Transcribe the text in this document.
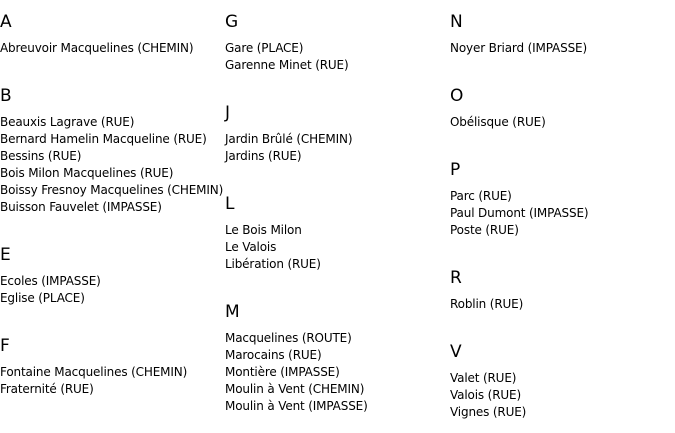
A
Abreuvoir Macquelines (CHEMIN)
B
Beauxis Lagrave (RUE)
Bernard Hamelin Macqueline (RUE)
Bessins (RUE)
Bois Milon Macquelines (RUE)
Boissy Fresnoy Macquelines (CHEMIN)
Buisson Fauvelet (IMPASSE)
E
Ecoles (IMPASSE)
Eglise (PLACE)
F
Fontaine Macquelines (CHEMIN)
Fraternité (RUE)
G
Gare (PLACE)
Garenne Minet (RUE)
J
Jardin Brûlé (CHEMIN)
Jardins (RUE)
L
Le Bois Milon
Le Valois
Libération (RUE)
M
Macquelines (ROUTE)
Marocains (RUE)
Montière (IMPASSE)
Moulin à Vent (CHEMIN)
Moulin à Vent (IMPASSE)
N
Noyer Briard (IMPASSE)
O
Obélisque (RUE)
P
Parc (RUE)
Paul Dumont (IMPASSE)
Poste (RUE)
R
Roblin (RUE)
V
Valet (RUE)
Valois (RUE)
Vignes (RUE)
